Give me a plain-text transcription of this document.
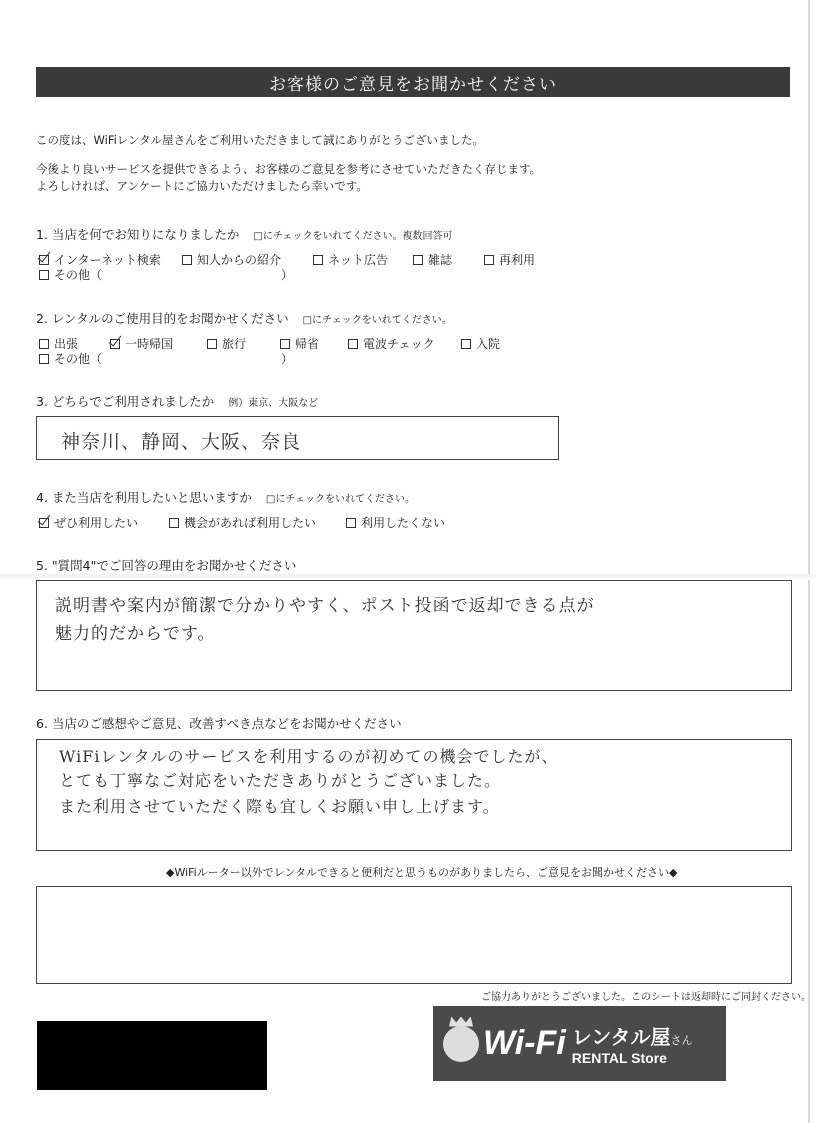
お客様のご意見をお聞かせください
この度は、WiFiレンタル屋さんをご利用いただきまして誠にありがとうございました。
今後より良いサービスを提供できるよう、お客様のご意見を参考にさせていただきたく存じます。
よろしければ、アンケートにご協力いただけましたら幸いです。
1. 当店を何でお知りになりましたか □にチェックをいれてください。複数回答可
インターネット検索	知人からの紹介	ネット広告	雑誌	再利用
その他（	）
2. レンタルのご使用目的をお聞かせください □にチェックをいれてください。
出張	一時帰国	旅行	帰省	電波チェック	入院
その他（	）
3. どちらでご利用されましたか 例）東京、大阪など
神奈川、静岡、大阪、奈良
4. また当店を利用したいと思いますか □にチェックをいれてください。
ぜひ利用したい	機会があれば利用したい	利用したくない
5. "質問4"でご回答の理由をお聞かせください
説明書や案内が簡潔で分かりやすく、ポスト投函で返却できる点が
魅力的だからです。
6. 当店のご感想やご意見、改善すべき点などをお聞かせください
WiFiレンタルのサービスを利用するのが初めての機会でしたが、
とても丁寧なご対応をいただきありがとうございました。
また利用させていただく際も宜しくお願い申し上げます。
◆WiFiルーター以外でレンタルできると便利だと思うものがありましたら、ご意見をお聞かせください◆
ご協力ありがとうございました。このシートは返却時にご同封ください。
Wi-Fi レンタル屋さん
RENTAL Store
